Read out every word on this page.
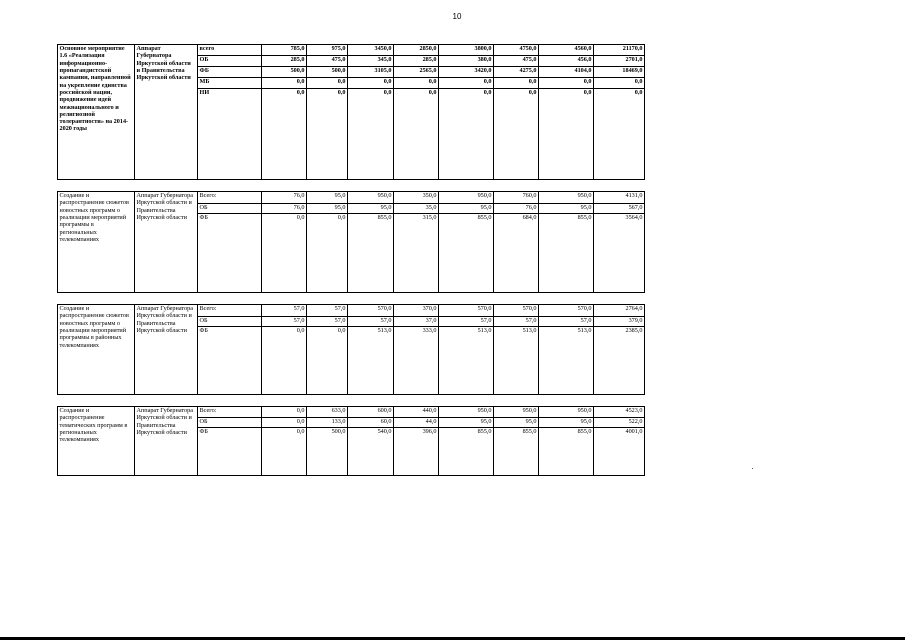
10
Основное мероприятие 1.6 «Реализация информационно-пропагандистской кампании, направленной на укрепление единства российской нации, продвижение идей межнационального и религиозной толерантности» на 2014-2020 годы	Аппарат Губернатора Иркутской области и Правительства Иркутской области	всего	785,0	975,0	3450,0	2850,0	3800,0	4750,0	4560,0	21170,0
		ОБ	285,0	475,0	345,0	285,0	380,0	475,0	456,0	2701,0
		ФБ	500,0	500,0	3105,0	2565,0	3420,0	4275,0	4104,0	18469,0
		МБ	0,0	0,0	0,0	0,0	0,0	0,0	0,0	0,0
		НИ	0,0	0,0	0,0	0,0	0,0	0,0	0,0	0,0

Создание и распространение сюжетов новостных программ о реализации мероприятий программы в региональных телекомпаниях	Аппарат Губернатора Иркутской области и Правительства Иркутской области	Всего:	76,0	95,0	950,0	350,0	950,0	760,0	950,0	4131,0
		ОБ	76,0	95,0	95,0	35,0	95,0	76,0	95,0	567,0
		ФБ	0,0	0,0	855,0	315,0	855,0	684,0	855,0	3564,0

Создание и распространение сюжетов новостных программ о реализации мероприятий программы в районных телекомпаниях	Аппарат Губернатора Иркутской области и Правительства Иркутской области	Всего:	57,0	57,0	570,0	370,0	570,0	570,0	570,0	2764,0
		ОБ	57,0	57,0	57,0	37,0	57,0	57,0	57,0	379,0
		ФБ	0,0	0,0	513,0	333,0	513,0	513,0	513,0	2385,0

Создание и распространение тематических программ в региональных телекомпаниях	Аппарат Губернатора Иркутской области и Правительства Иркутской области	Всего:	0,0	633,0	600,0	440,0	950,0	950,0	950,0	4523,0
		ОБ	0,0	133,0	60,0	44,0	95,0	95,0	95,0	522,0
		ФБ	0,0	500,0	540,0	396,0	855,0	855,0	855,0	4001,0
